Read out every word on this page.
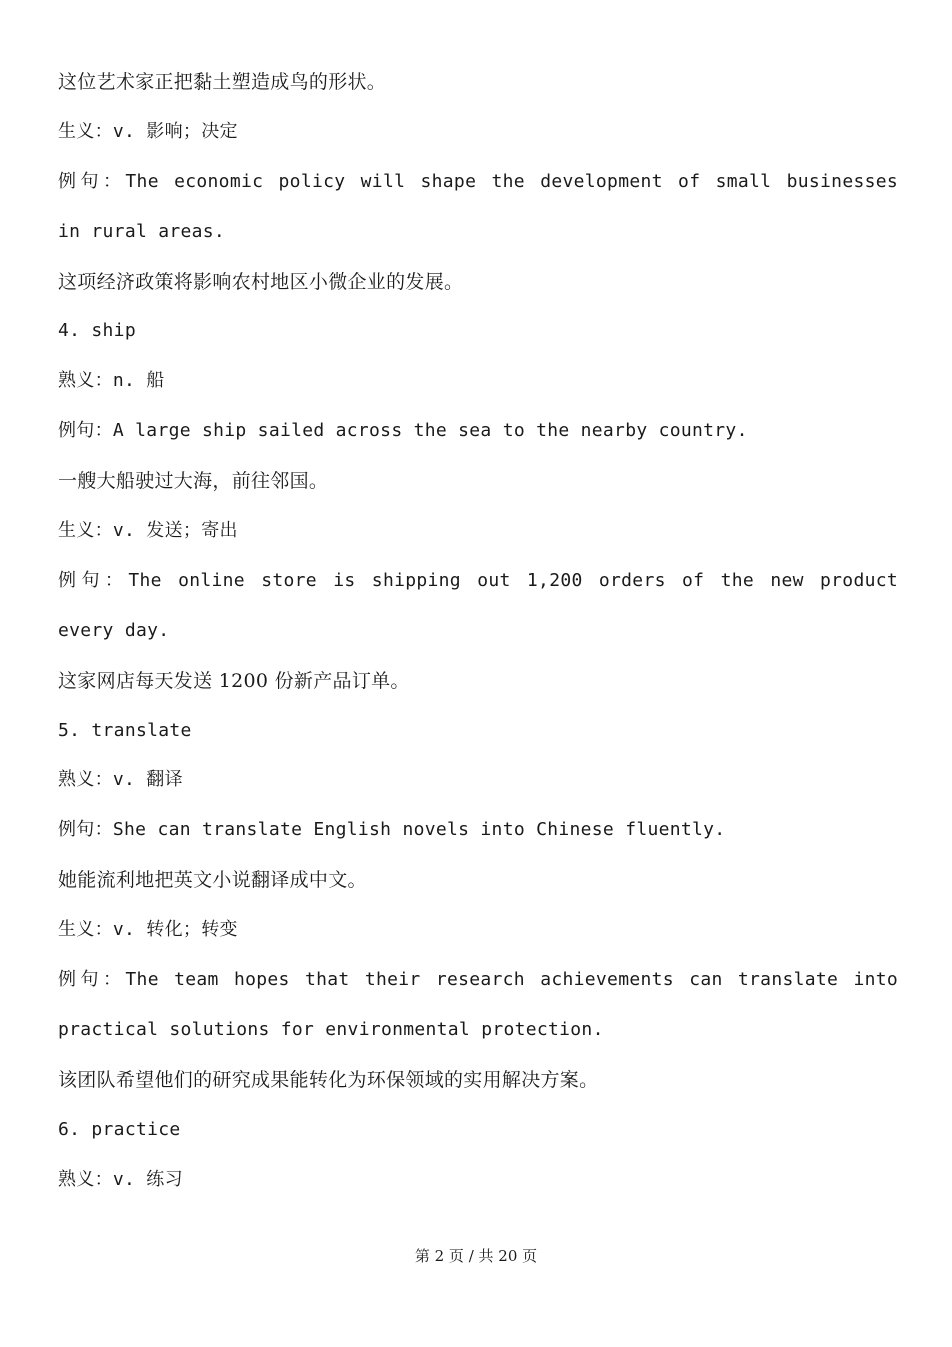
这位艺术家正把黏土塑造成鸟的形状。
生义：v. 影响；决定
例句：The economic policy will shape the development of small businesses
in rural areas.
这项经济政策将影响农村地区小微企业的发展。
4. ship
熟义：n. 船
例句：A large ship sailed across the sea to the nearby country.
一艘大船驶过大海，前往邻国。
生义：v. 发送；寄出
例句：The online store is shipping out 1,200 orders of the new product
every day.
这家网店每天发送 1200 份新产品订单。
5. translate
熟义：v. 翻译
例句：She can translate English novels into Chinese fluently.
她能流利地把英文小说翻译成中文。
生义：v. 转化；转变
例句：The team hopes that their research achievements can translate into
practical solutions for environmental protection.
该团队希望他们的研究成果能转化为环保领域的实用解决方案。
6. practice
熟义：v. 练习
第 2 页 / 共 20 页
